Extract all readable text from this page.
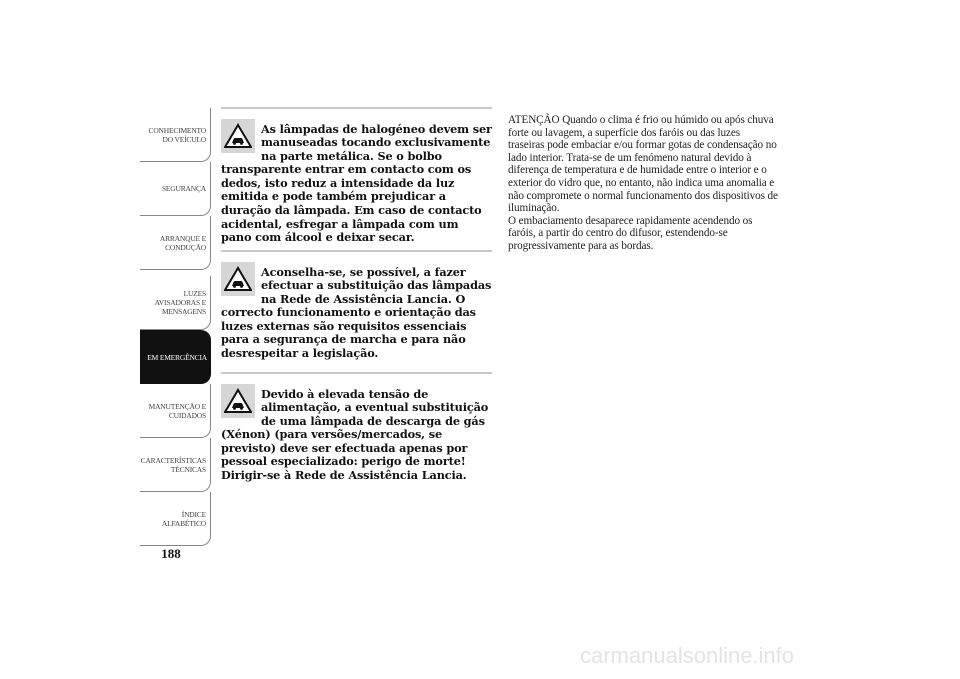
CONHECIMENTO
DO VEÍCULO
SEGURANÇA
ARRANQUE E
CONDUÇÃO
LUZES
AVISADORAS E
MENSAGENS
EM EMERGÊNCIA
MANUTENÇÃO E
CUIDADOS
CARACTERÍSTICAS
TÉCNICAS
ÍNDICE
ALFABÉTICO
188
As lâmpadas de halogéneo devem ser manuseadas tocando exclusivamente na parte metálica. Se o bolbo transparente entrar em contacto com os dedos, isto reduz a intensidade da luz emitida e pode também prejudicar a duração da lâmpada. Em caso de contacto acidental, esfregar a lâmpada com um pano com álcool e deixar secar.
Aconselha-se, se possível, a fazer efectuar a substituição das lâmpadas na Rede de Assistência Lancia. O correcto funcionamento e orientação das luzes externas são requisitos essenciais para a segurança de marcha e para não desrespeitar a legislação.
Devido à elevada tensão de alimentação, a eventual substituição de uma lâmpada de descarga de gás (Xénon) (para versões/mercados, se previsto) deve ser efectuada apenas por pessoal especializado: perigo de morte! Dirigir-se à Rede de Assistência Lancia.

ATENÇÃO Quando o clima é frio ou húmido ou após chuva forte ou lavagem, a superfície dos faróis ou das luzes traseiras pode embaciar e/ou formar gotas de condensação no lado interior. Trata-se de um fenómeno natural devido à diferença de temperatura e de humidade entre o interior e o exterior do vidro que, no entanto, não indica uma anomalia e não compromete o normal funcionamento dos dispositivos de iluminação.

O embaciamento desaparece rapidamente acendendo os faróis, a partir do centro do difusor, estendendo-se progressivamente para as bordas.

carmanualsonline.info
